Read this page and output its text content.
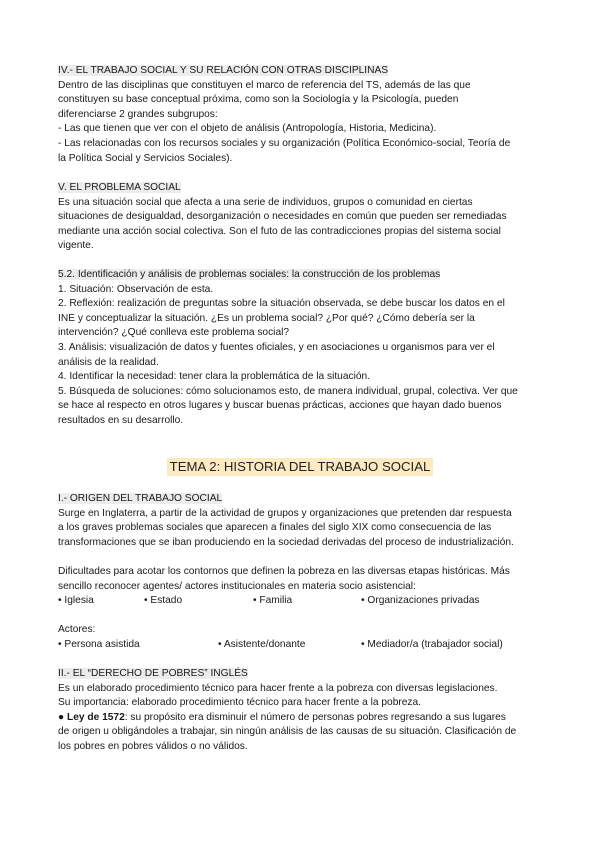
IV.- EL TRABAJO SOCIAL Y SU RELACIÓN CON OTRAS DISCIPLINAS
Dentro de las disciplinas que constituyen el marco de referencia del TS, además de las que
constituyen su base conceptual próxima, como son la Sociología y la Psicología, pueden
diferenciarse 2 grandes subgrupos:
- Las que tienen que ver con el objeto de análisis (Antropología, Historia, Medicina).
- Las relacionadas con los recursos sociales y su organización (Política Económico-social, Teoría de
la Política Social y Servicios Sociales).
V. EL PROBLEMA SOCIAL
Es una situación social que afecta a una serie de individuos, grupos o comunidad en ciertas
situaciones de desigualdad, desorganización o necesidades en común que pueden ser remediadas
mediante una acción social colectiva. Son el futo de las contradicciones propias del sistema social
vigente.
5.2. Identificación y análisis de problemas sociales: la construcción de los problemas
1. Situación: Observación de esta.
2. Reflexión: realización de preguntas sobre la situación observada, se debe buscar los datos en el
INE y conceptualizar la situación. ¿Es un problema social? ¿Por qué? ¿Cómo debería ser la
intervención? ¿Qué conlleva este problema social?
3. Análisis: visualización de datos y fuentes oficiales, y en asociaciones u organismos para ver el
análisis de la realidad.
4. Identificar la necesidad: tener clara la problemática de la situación.
5. Búsqueda de soluciones: cómo solucionamos esto, de manera individual, grupal, colectiva. Ver que
se hace al respecto en otros lugares y buscar buenas prácticas, acciones que hayan dado buenos
resultados en su desarrollo.
TEMA 2: HISTORIA DEL TRABAJO SOCIAL
I.- ORIGEN DEL TRABAJO SOCIAL
Surge en Inglaterra, a partir de la actividad de grupos y organizaciones que pretenden dar respuesta
a los graves problemas sociales que aparecen a finales del siglo XIX como consecuencia de las
transformaciones que se iban produciendo en la sociedad derivadas del proceso de industrialización.
Dificultades para acotar los contornos que definen la pobreza en las diversas etapas históricas. Más
sencillo reconocer agentes/ actores institucionales en materia socio asistencial:
• Iglesia	• Estado	• Familia	• Organizaciones privadas
Actores:
• Persona asistida	• Asistente/donante	• Mediador/a (trabajador social)
II.- EL “DERECHO DE POBRES” INGLÉS
Es un elaborado procedimiento técnico para hacer frente a la pobreza con diversas legislaciones.
Su importancia: elaborado procedimiento técnico para hacer frente a la pobreza.
● Ley de 1572: su propósito era disminuir el número de personas pobres regresando a sus lugares
de origen u obligándoles a trabajar, sin ningún análisis de las causas de su situación. Clasificación de
los pobres en pobres válidos o no válidos.
